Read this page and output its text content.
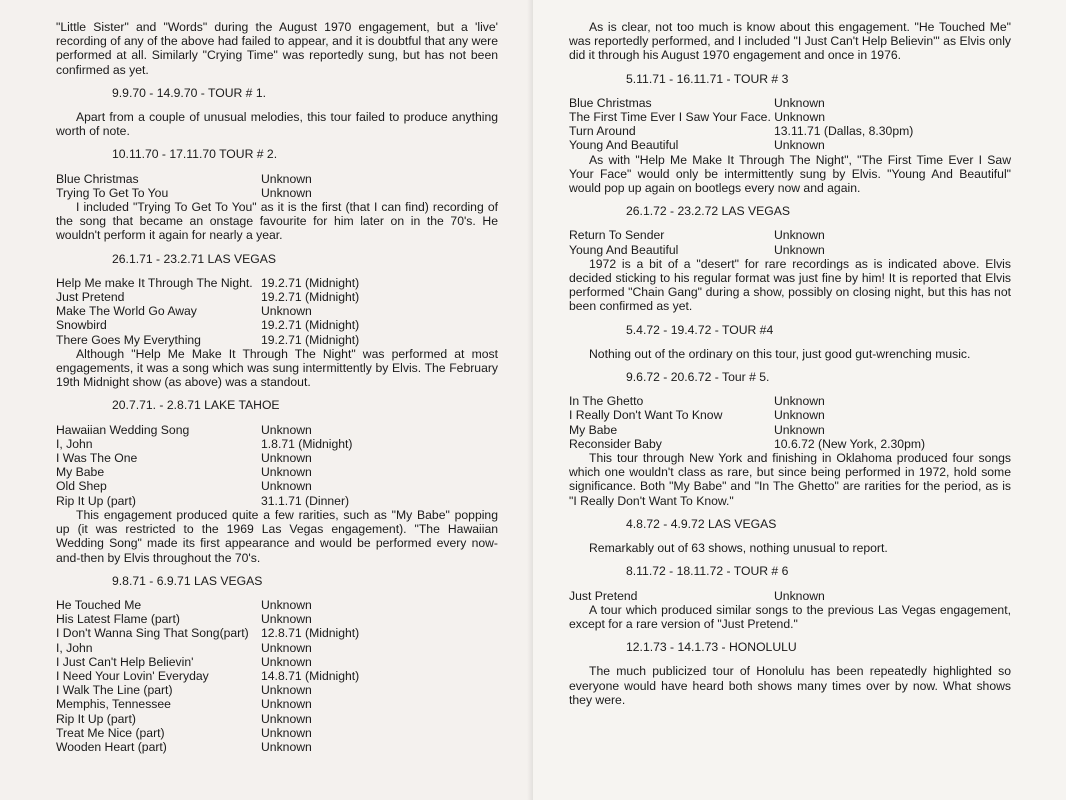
"Little Sister" and "Words" during the August 1970 engagement, but a 'live' recording of any of the above had failed to appear, and it is doubtful that any were performed at all. Similarly "Crying Time" was reportedly sung, but has not been confirmed as yet.

9.9.70 - 14.9.70 - TOUR # 1.

Apart from a couple of unusual melodies, this tour failed to produce anything worth of note.

10.11.70 - 17.11.70 TOUR # 2.
Blue Christmas	Unknown
Trying To Get To You	Unknown

I included "Trying To Get To You" as it is the first (that I can find) recording of the song that became an onstage favourite for him later on in the 70's. He wouldn't perform it again for nearly a year.

26.1.71 - 23.2.71 LAS VEGAS
Help Me make It Through The Night. 19.2.71 (Midnight)
Just Pretend	19.2.71 (Midnight)
Make The World Go Away	Unknown
Snowbird	19.2.71 (Midnight)
There Goes My Everything	19.2.71 (Midnight)

Although "Help Me Make It Through The Night" was performed at most engagements, it was a song which was sung intermittently by Elvis. The February 19th Midnight show (as above) was a standout.

20.7.71. - 2.8.71 LAKE TAHOE
Hawaiian Wedding Song	Unknown
I, John	1.8.71 (Midnight)
I Was The One	Unknown
My Babe	Unknown
Old Shep	Unknown
Rip It Up (part)	31.1.71 (Dinner)

This engagement produced quite a few rarities, such as "My Babe" popping up (it was restricted to the 1969 Las Vegas engagement). "The Hawaiian Wedding Song" made its first appearance and would be performed every now-and-then by Elvis throughout the 70's.

9.8.71 - 6.9.71 LAS VEGAS
He Touched Me	Unknown
His Latest Flame (part)	Unknown
I Don't Wanna Sing That Song(part)	12.8.71 (Midnight)
I, John	Unknown
I Just Can't Help Believin'	Unknown
I Need Your Lovin' Everyday	14.8.71 (Midnight)
I Walk The Line (part)	Unknown
Memphis, Tennessee	Unknown
Rip It Up (part)	Unknown
Treat Me Nice (part)	Unknown
Wooden Heart (part)	Unknown

As is clear, not too much is know about this engagement. "He Touched Me" was reportedly performed, and I included "I Just Can't Help Believin'" as Elvis only did it through his August 1970 engagement and once in 1976.

5.11.71 - 16.11.71 - TOUR # 3
Blue Christmas	Unknown
The First Time Ever I Saw Your Face. Unknown
Turn Around	13.11.71 (Dallas, 8.30pm)
Young And Beautiful	Unknown

As with "Help Me Make It Through The Night", "The First Time Ever I Saw Your Face" would only be intermittently sung by Elvis. "Young And Beautiful" would pop up again on bootlegs every now and again.

26.1.72 - 23.2.72 LAS VEGAS
Return To Sender	Unknown
Young And Beautiful	Unknown

1972 is a bit of a "desert" for rare recordings as is indicated above. Elvis decided sticking to his regular format was just fine by him! It is reported that Elvis performed "Chain Gang" during a show, possibly on closing night, but this has not been confirmed as yet.

5.4.72 - 19.4.72 - TOUR #4

Nothing out of the ordinary on this tour, just good gut-wrenching music.

9.6.72 - 20.6.72 - Tour # 5.
In The Ghetto	Unknown
I Really Don't Want To Know	Unknown
My Babe	Unknown
Reconsider Baby	10.6.72 (New York, 2.30pm)

This tour through New York and finishing in Oklahoma produced four songs which one wouldn't class as rare, but since being performed in 1972, hold some significance. Both "My Babe" and "In The Ghetto" are rarities for the period, as is "I Really Don't Want To Know."

4.8.72 - 4.9.72 LAS VEGAS

Remarkably out of 63 shows, nothing unusual to report.

8.11.72 - 18.11.72 - TOUR # 6
Just Pretend	Unknown

A tour which produced similar songs to the previous Las Vegas engagement, except for a rare version of "Just Pretend."

12.1.73 - 14.1.73 - HONOLULU

The much publicized tour of Honolulu has been repeatedly highlighted so everyone would have heard both shows many times over by now. What shows they were.
